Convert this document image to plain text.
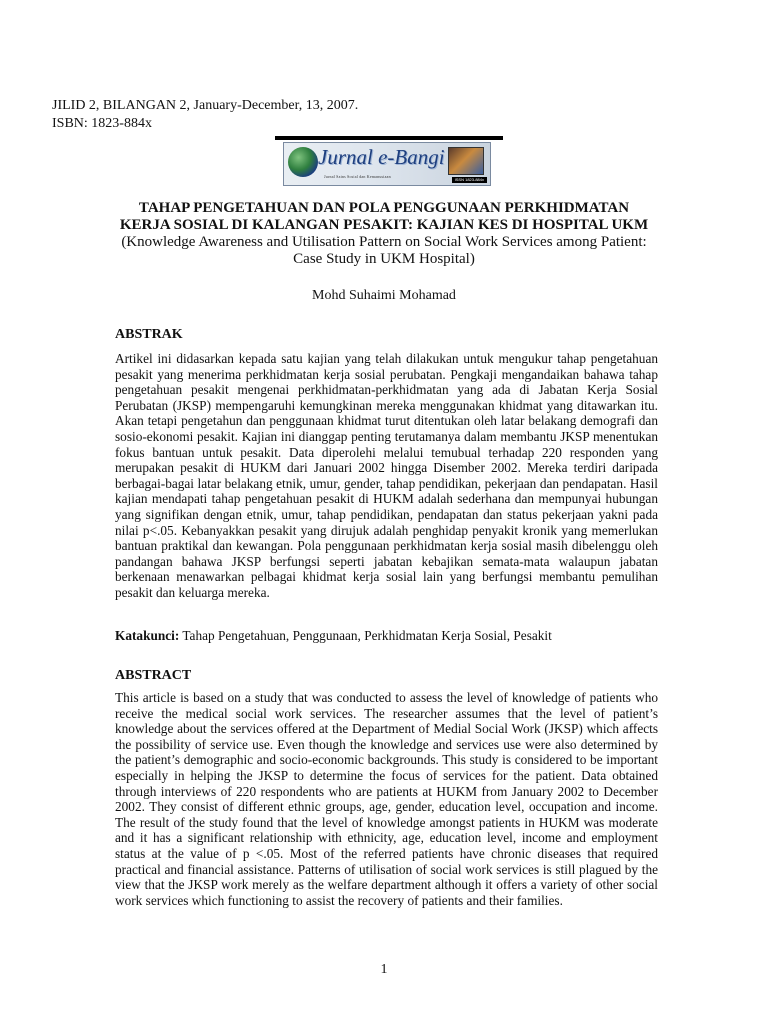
JILID 2, BILANGAN 2, January-December, 13, 2007.
ISBN: 1823-884x
Jurnal e-Bangi
Jurnal Sains Sosial dan Kemanusiaan
ISSN 1823-884x
TAHAP PENGETAHUAN DAN POLA PENGGUNAAN PERKHIDMATAN
KERJA SOSIAL DI KALANGAN PESAKIT: KAJIAN KES DI HOSPITAL UKM
(Knowledge Awareness and Utilisation Pattern on Social Work Services among Patient:
Case Study in UKM Hospital)
Mohd Suhaimi Mohamad
ABSTRAK
Artikel ini didasarkan kepada satu kajian yang telah dilakukan untuk mengukur tahap pengetahuan pesakit yang menerima perkhidmatan kerja sosial perubatan. Pengkaji mengandaikan bahawa tahap pengetahuan pesakit mengenai perkhidmatan-perkhidmatan yang ada di Jabatan Kerja Sosial Perubatan (JKSP) mempengaruhi kemungkinan mereka menggunakan khidmat yang ditawarkan itu. Akan tetapi pengetahun dan penggunaan khidmat turut ditentukan oleh latar belakang demografi dan sosio-ekonomi pesakit. Kajian ini dianggap penting terutamanya dalam membantu JKSP menentukan fokus bantuan untuk pesakit. Data diperolehi melalui temubual terhadap 220 responden yang merupakan pesakit di HUKM dari Januari 2002 hingga Disember 2002. Mereka terdiri daripada berbagai-bagai latar belakang etnik, umur, gender, tahap pendidikan, pekerjaan dan pendapatan. Hasil kajian mendapati tahap pengetahuan pesakit di HUKM adalah sederhana dan mempunyai hubungan yang signifikan dengan etnik, umur, tahap pendidikan, pendapatan dan status pekerjaan yakni pada nilai p<.05. Kebanyakkan pesakit yang dirujuk adalah penghidap penyakit kronik yang memerlukan bantuan praktikal dan kewangan. Pola penggunaan perkhidmatan kerja sosial masih dibelenggu oleh pandangan bahawa JKSP berfungsi seperti jabatan kebajikan semata-mata walaupun jabatan berkenaan menawarkan pelbagai khidmat kerja sosial lain yang berfungsi membantu pemulihan pesakit dan keluarga mereka.
Katakunci: Tahap Pengetahuan, Penggunaan, Perkhidmatan Kerja Sosial, Pesakit
ABSTRACT
This article is based on a study that was conducted to assess the level of knowledge of patients who receive the medical social work services. The researcher assumes that the level of patient’s knowledge about the services offered at the Department of Medial Social Work (JKSP) which affects the possibility of service use. Even though the knowledge and services use were also determined by the patient’s demographic and socio-economic backgrounds. This study is considered to be important especially in helping the JKSP to determine the focus of services for the patient. Data obtained through interviews of 220 respondents who are patients at HUKM from January 2002 to December 2002. They consist of different ethnic groups, age, gender, education level, occupation and income. The result of the study found that the level of knowledge amongst patients in HUKM was moderate and it has a significant relationship with ethnicity, age, education level, income and employment status at the value of p <.05. Most of the referred patients have chronic diseases that required practical and financial assistance. Patterns of utilisation of social work services is still plagued by the view that the JKSP work merely as the welfare department although it offers a variety of other social work services which functioning to assist the recovery of patients and their families.
1
